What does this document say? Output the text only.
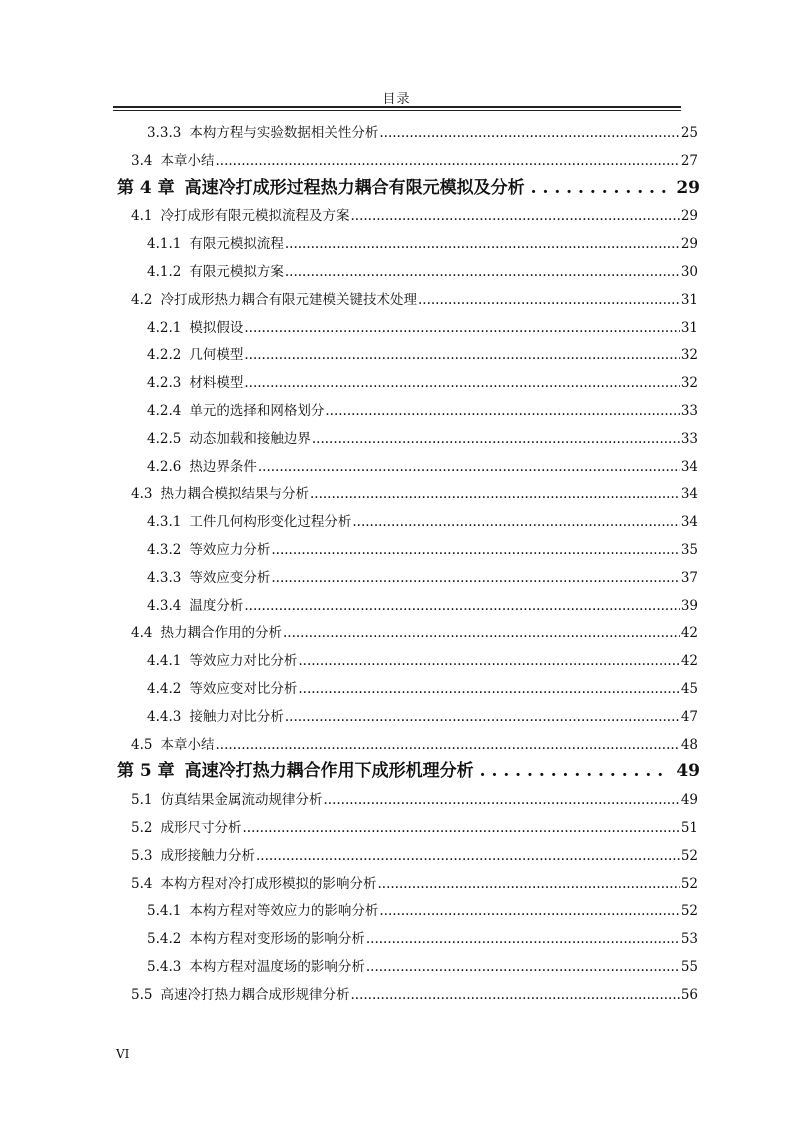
目录
3.3.3 本构方程与实验数据相关性分析 .....	25
3.4 本章小结 .....	27
第 4 章 高速冷打成形过程热力耦合有限元模拟及分析 . . .	29
4.1 冷打成形有限元模拟流程及方案 .....	29
4.1.1 有限元模拟流程 .....	29
4.1.2 有限元模拟方案 .....	30
4.2 冷打成形热力耦合有限元建模关键技术处理 .....	31
4.2.1 模拟假设 .....	31
4.2.2 几何模型 .....	32
4.2.3 材料模型 .....	32
4.2.4 单元的选择和网格划分 .....	33
4.2.5 动态加载和接触边界 .....	33
4.2.6 热边界条件 .....	34
4.3 热力耦合模拟结果与分析 .....	34
4.3.1 工件几何构形变化过程分析 .....	34
4.3.2 等效应力分析 .....	35
4.3.3 等效应变分析 .....	37
4.3.4 温度分析 .....	39
4.4 热力耦合作用的分析 .....	42
4.4.1 等效应力对比分析 .....	42
4.4.2 等效应变对比分析 .....	45
4.4.3 接触力对比分析 .....	47
4.5 本章小结 .....	48
第 5 章 高速冷打热力耦合作用下成形机理分析 . . .	49
5.1 仿真结果金属流动规律分析 .....	49
5.2 成形尺寸分析 .....	51
5.3 成形接触力分析 .....	52
5.4 本构方程对冷打成形模拟的影响分析 .....	52
5.4.1 本构方程对等效应力的影响分析 .....	52
5.4.2 本构方程对变形场的影响分析 .....	53
5.4.3 本构方程对温度场的影响分析 .....	55
5.5 高速冷打热力耦合成形规律分析 .....	56
VI
